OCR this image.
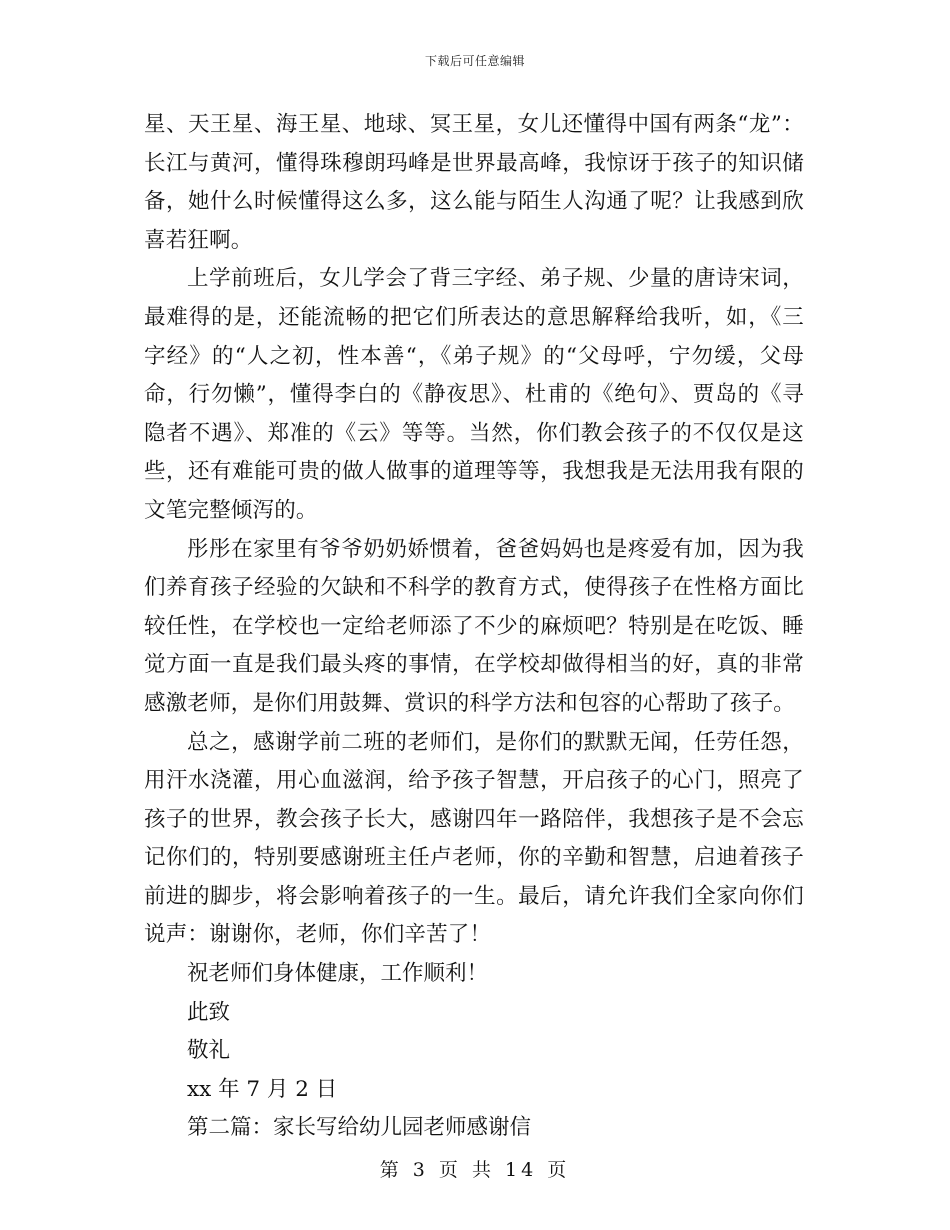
下载后可任意编辑

星、天王星、海王星、地球、冥王星，女儿还懂得中国有两条“龙”：长江与黄河，懂得珠穆朗玛峰是世界最高峰，我惊讶于孩子的知识储备，她什么时候懂得这么多，这么能与陌生人沟通了呢？让我感到欣喜若狂啊。

上学前班后，女儿学会了背三字经、弟子规、少量的唐诗宋词，最难得的是，还能流畅的把它们所表达的意思解释给我听，如，《三字经》的“人之初，性本善“，《弟子规》的“父母呼，宁勿缓，父母命，行勿懒”，懂得李白的《静夜思》、杜甫的《绝句》、贾岛的《寻隐者不遇》、郑准的《云》等等。当然，你们教会孩子的不仅仅是这些，还有难能可贵的做人做事的道理等等，我想我是无法用我有限的文笔完整倾泻的。

彤彤在家里有爷爷奶奶娇惯着，爸爸妈妈也是疼爱有加，因为我们养育孩子经验的欠缺和不科学的教育方式，使得孩子在性格方面比较任性，在学校也一定给老师添了不少的麻烦吧？特别是在吃饭、睡觉方面一直是我们最头疼的事情，在学校却做得相当的好，真的非常感激老师，是你们用鼓舞、赏识的科学方法和包容的心帮助了孩子。

总之，感谢学前二班的老师们，是你们的默默无闻，任劳任怨，用汗水浇灌，用心血滋润，给予孩子智慧，开启孩子的心门，照亮了孩子的世界，教会孩子长大，感谢四年一路陪伴，我想孩子是不会忘记你们的，特别要感谢班主任卢老师，你的辛勤和智慧，启迪着孩子前进的脚步，将会影响着孩子的一生。最后，请允许我们全家向你们说声：谢谢你，老师，你们辛苦了！

祝老师们身体健康，工作顺利！

此致

敬礼

xx 年 7 月 2 日

第二篇：家长写给幼儿园老师感谢信

第 3 页 共 14 页
